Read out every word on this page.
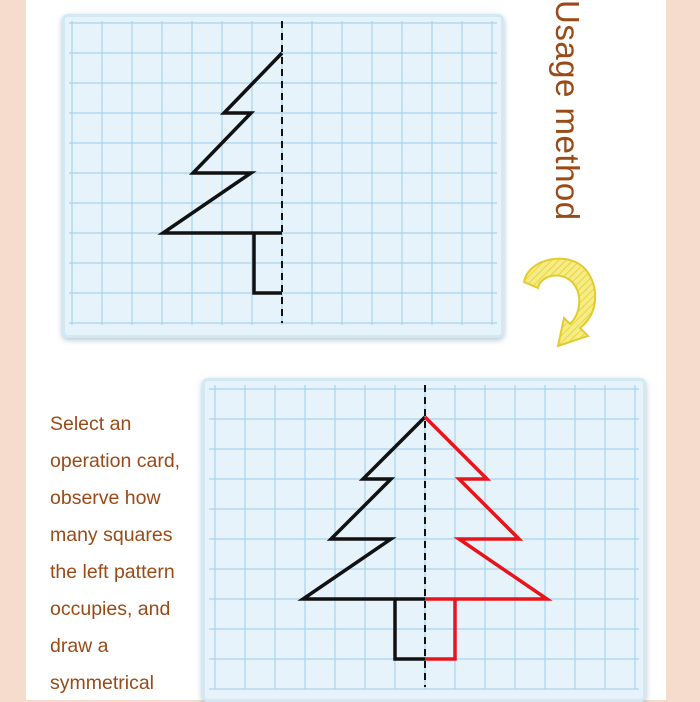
Usage method
Select an
operation card,
observe how
many squares
the left pattern
occupies, and
draw a
symmetrical
